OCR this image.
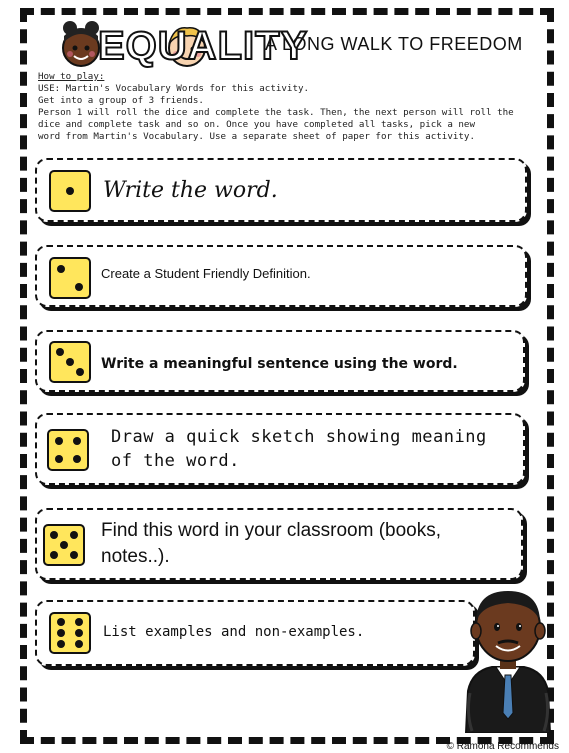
EQUALITY
A LONG WALK TO FREEDOM
How to play:
USE: Martin's Vocabulary Words for this activity.
Get into a group of 3 friends.
Person 1 will roll the dice and complete the task. Then, the next person will roll the
dice and complete task and so on. Once you have completed all tasks, pick a new
word from Martin's Vocabulary. Use a separate sheet of paper for this activity.
Write the word.
Create a Student Friendly Definition.
Write a meaningful sentence using the word.
Draw a quick sketch showing meaning
of the word.
Find this word in your classroom (books,
notes..).
List examples and non-examples.
© Ramona Recommends
